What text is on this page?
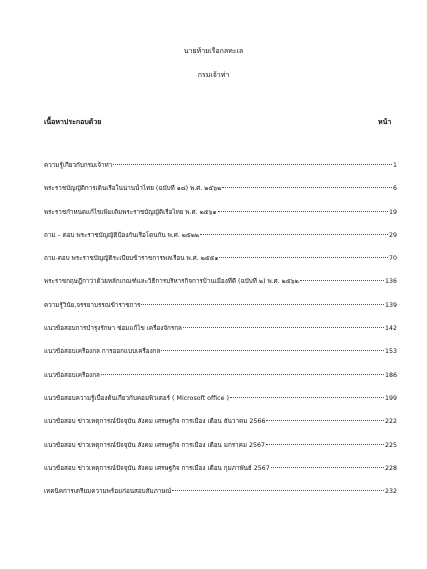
นายท้ายเรือกลทะเล
กรมเจ้าท่า
เนื้อหาประกอบด้วย	หน้า
ความรู้เกี่ยวกับกรมเจ้าท่า	1
พระราชบัญญัติการเดินเรือในน่านน้ำไทย (ฉบับที่ ๑๘) พ.ศ. ๒๕๖๒	6
พระราชกำหนดแก้ไขเพิ่มเติมพระราชบัญญัติเรือไทย พ.ศ. ๒๕๖๑	19
ถาม – ตอบ พระราชบัญญัติป้องกันเรือโดนกัน พ.ศ. ๒๕๒๒	29
ถาม-ตอบ พระราชบัญญัติระเบียบข้าราชการพลเรือน พ.ศ. ๒๕๕๑	70
พระราชกฤษฎีกาว่าด้วยหลักเกณฑ์และวิธีการบริหารกิจการบ้านเมืองที่ดี (ฉบับที่ ๒) พ.ศ. ๒๕๖๒	136
ความรู้วินัย,จรรยาบรรณข้าราชการ	139
แนวข้อสอบการบำรุงรักษา ซ่อมแก้ไข เครื่องจักรกล	142
แนวข้อสอบเครื่องกล การออกแบบเครื่องกล	153
แนวข้อสอบเครื่องกล	186
แนวข้อสอบความรู้เบื้องต้นเกี่ยวกับคอมพิวเตอร์ ( Microsoft office )	199
แนวข้อสอบ ข่าวเหตุการณ์ปัจจุบัน สังคม เศรษฐกิจ การเมือง เดือน ธันวาคม 2566	222
แนวข้อสอบ ข่าวเหตุการณ์ปัจจุบัน สังคม เศรษฐกิจ การเมือง เดือน มกราคม 2567	225
แนวข้อสอบ ข่าวเหตุการณ์ปัจจุบัน สังคม เศรษฐกิจ การเมือง เดือน กุมภาพันธ์ 2567	228
เทคนิคการเตรียมความพร้อมก่อนสอบสัมภาษณ์	232
